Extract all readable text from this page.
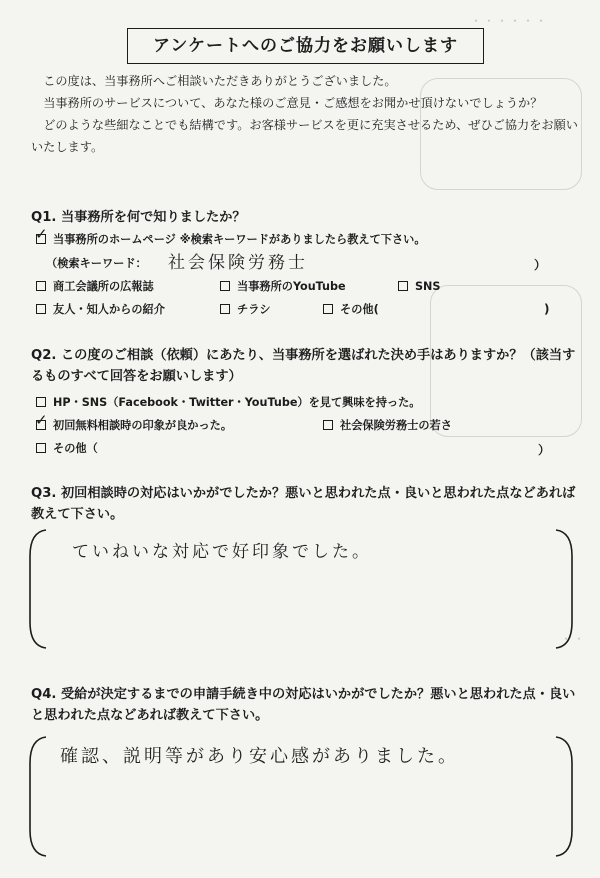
・・・・・・
・・
アンケートへのご協力をお願いします

この度は、当事務所へご相談いただきありがとうございました。

当事務所のサービスについて、あなた様のご意見・ご感想をお聞かせ頂けないでしょうか？

どのような些細なことでも結構です。お客様サービスを更に充実させるため、ぜひご協力をお願いいたします。

Q1. 当事務所を何で知りましたか？
✓ 当事務所のホームページ ※検索キーワードがありましたら教えて下さい。
（検索キーワード： 社会保険労務士	）
商工会議所の広報誌	当事務所のYouTube	SNS
友人・知人からの紹介	チラシ	その他(	)
Q2. この度のご相談（依頼）にあたり、当事務所を選ばれた決め手はありますか？（該当するものすべて回答をお願いします）
HP・SNS（Facebook・Twitter・YouTube）を見て興味を持った。
✓ 初回無料相談時の印象が良かった。	社会保険労務士の若さ
その他（	）
Q3. 初回相談時の対応はいかがでしたか？悪いと思われた点・良いと思われた点などあれば教えて下さい。
ていねいな対応で好印象でした。
Q4. 受給が決定するまでの申請手続き中の対応はいかがでしたか？悪いと思われた点・良いと思われた点などあれば教えて下さい。
確認、説明等があり安心感がありました。
